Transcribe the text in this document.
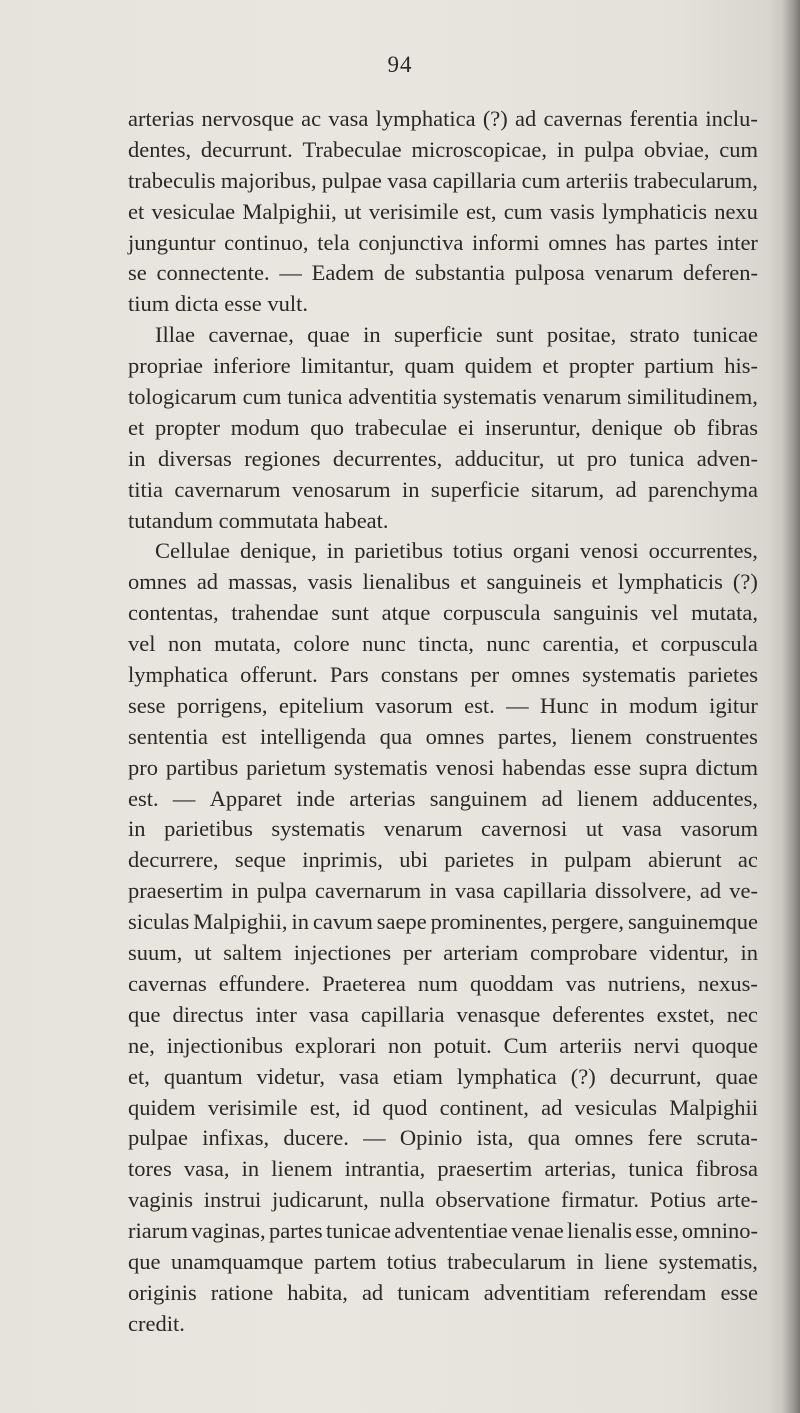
94
arterias nervosque ac vasa lymphatica (?) ad cavernas ferentia inclu-
dentes, decurrunt. Trabeculae microscopicae, in pulpa obviae, cum
trabeculis majoribus, pulpae vasa capillaria cum arteriis trabecularum,
et vesiculae Malpighii, ut verisimile est, cum vasis lymphaticis nexu
junguntur continuo, tela conjunctiva informi omnes has partes inter
se connectente. — Eadem de substantia pulposa venarum deferen-
tium dicta esse vult.
Illae cavernae, quae in superficie sunt positae, strato tunicae
propriae inferiore limitantur, quam quidem et propter partium his-
tologicarum cum tunica adventitia systematis venarum similitudinem,
et propter modum quo trabeculae ei inseruntur, denique ob fibras
in diversas regiones decurrentes, adducitur, ut pro tunica adven-
titia cavernarum venosarum in superficie sitarum, ad parenchyma
tutandum commutata habeat.
Cellulae denique, in parietibus totius organi venosi occurrentes,
omnes ad massas, vasis lienalibus et sanguineis et lymphaticis (?)
contentas, trahendae sunt atque corpuscula sanguinis vel mutata,
vel non mutata, colore nunc tincta, nunc carentia, et corpuscula
lymphatica offerunt. Pars constans per omnes systematis parietes
sese porrigens, epitelium vasorum est. — Hunc in modum igitur
sententia est intelligenda qua omnes partes, lienem construentes
pro partibus parietum systematis venosi habendas esse supra dictum
est. — Apparet inde arterias sanguinem ad lienem adducentes,
in parietibus systematis venarum cavernosi ut vasa vasorum
decurrere, seque inprimis, ubi parietes in pulpam abierunt ac
praesertim in pulpa cavernarum in vasa capillaria dissolvere, ad ve-
siculas Malpighii, in cavum saepe prominentes, pergere, sanguinemque
suum, ut saltem injectiones per arteriam comprobare videntur, in
cavernas effundere. Praeterea num quoddam vas nutriens, nexus-
que directus inter vasa capillaria venasque deferentes exstet, nec
ne, injectionibus explorari non potuit. Cum arteriis nervi quoque
et, quantum videtur, vasa etiam lymphatica (?) decurrunt, quae
quidem verisimile est, id quod continent, ad vesiculas Malpighii
pulpae infixas, ducere. — Opinio ista, qua omnes fere scruta-
tores vasa, in lienem intrantia, praesertim arterias, tunica fibrosa
vaginis instrui judicarunt, nulla observatione firmatur. Potius arte-
riarum vaginas, partes tunicae advententiae venae lienalis esse, omnino-
que unamquamque partem totius trabecularum in liene systematis,
originis ratione habita, ad tunicam adventitiam referendam esse
credit.
